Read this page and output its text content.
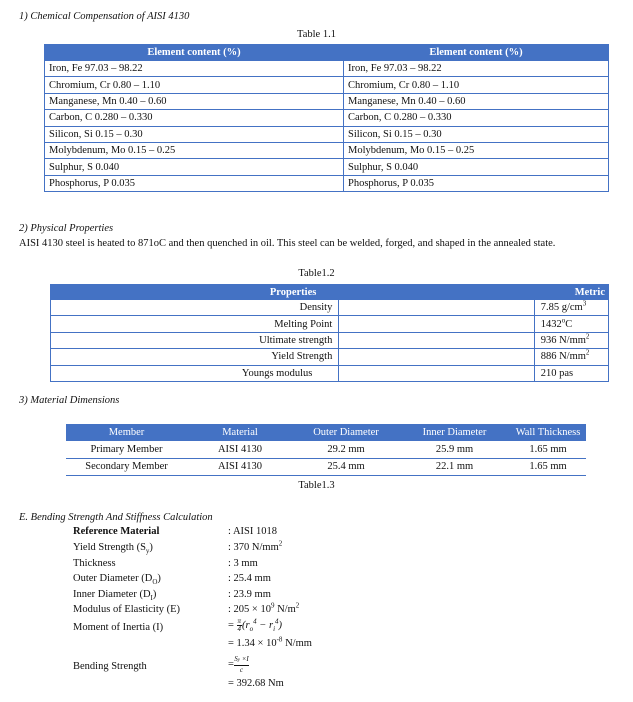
1) Chemical Compensation of AISI 4130
Table 1.1
Element content (%)	Element content (%)
Iron, Fe 97.03 – 98.22	Iron, Fe 97.03 – 98.22
Chromium, Cr 0.80 – 1.10	Chromium, Cr 0.80 – 1.10
Manganese, Mn 0.40 – 0.60	Manganese, Mn 0.40 – 0.60
Carbon, C 0.280 – 0.330	Carbon, C 0.280 – 0.330
Silicon, Si 0.15 – 0.30	Silicon, Si 0.15 – 0.30
Molybdenum, Mo 0.15 – 0.25	Molybdenum, Mo 0.15 – 0.25
Sulphur, S 0.040	Sulphur, S 0.040
Phosphorus, P 0.035	Phosphorus, P 0.035
2) Physical Properties
AISI 4130 steel is heated to 871oC and then quenched in oil. This steel can be welded, forged, and shaped in the annealed state.
Table1.2
Properties		Metric
Density		7.85 $g/cm^3$
Melting Point		1432$^o$C
Ultimate strength		936 $N/mm^2$
Yield Strength		886 $N/mm^2$
Youngs modulus		210 pas
3) Material Dimensions
Member	Material	Outer Diameter	Inner Diameter	Wall Thickness
Primary Member	AISI 4130	29.2 mm	25.9 mm	1.65 mm
Secondary Member	AISI 4130	25.4 mm	22.1 mm	1.65 mm
Table1.3
E. Bending Strength And Stiffness Calculation
Reference Material	: AISI 1018
Yield Strength $(S_y)$	: 370 $N/mm^2$
Thickness	: 3 mm
Outer Diameter $(D_O)$	: 25.4 mm
Inner Diameter $(D_I)$	: 23.9 mm
Modulus of Elasticity (E)	: $205 \times 10^9$ $N/m^2$
Moment of Inertia (I)	= $\frac{\pi}{4}(r_o^4 - r_i^4)$
= $1.34 \times 10^{-8}$ N/mm
Bending Strength	=Sy ×I
c
= 392.68 Nm
